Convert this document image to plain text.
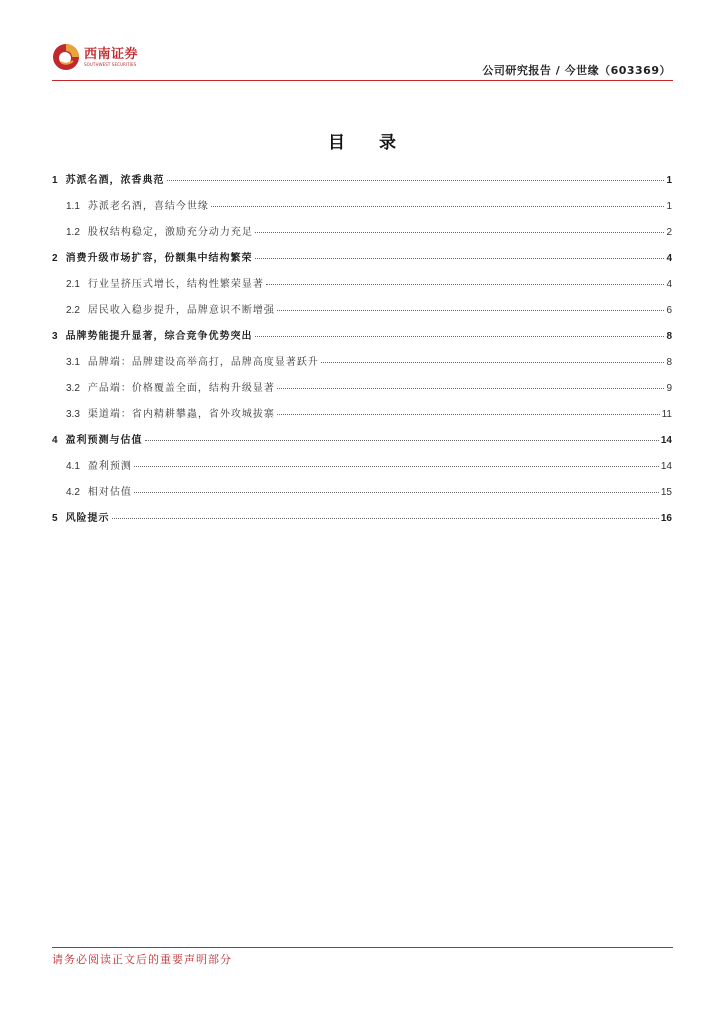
西南证券
SOUTHWEST SECURITIES	公司研究报告 / 今世缘（603369）
目 录
1 苏派名酒，浓香典范	1
1.1 苏派老名酒，喜结今世缘	1
1.2 股权结构稳定，激励充分动力充足	2
2 消费升级市场扩容，份额集中结构繁荣	4
2.1 行业呈挤压式增长，结构性繁荣显著	4
2.2 居民收入稳步提升，品牌意识不断增强	6
3 品牌势能提升显著，综合竞争优势突出	8
3.1 品牌端：品牌建设高举高打，品牌高度显著跃升	8
3.2 产品端：价格覆盖全面，结构升级显著	9
3.3 渠道端：省内精耕攀蟲，省外攻城拔寨	11
4 盈利预测与估值	14
4.1 盈利预测	14
4.2 相对估值	15
5 风险提示	16
请务必阅读正文后的重要声明部分
